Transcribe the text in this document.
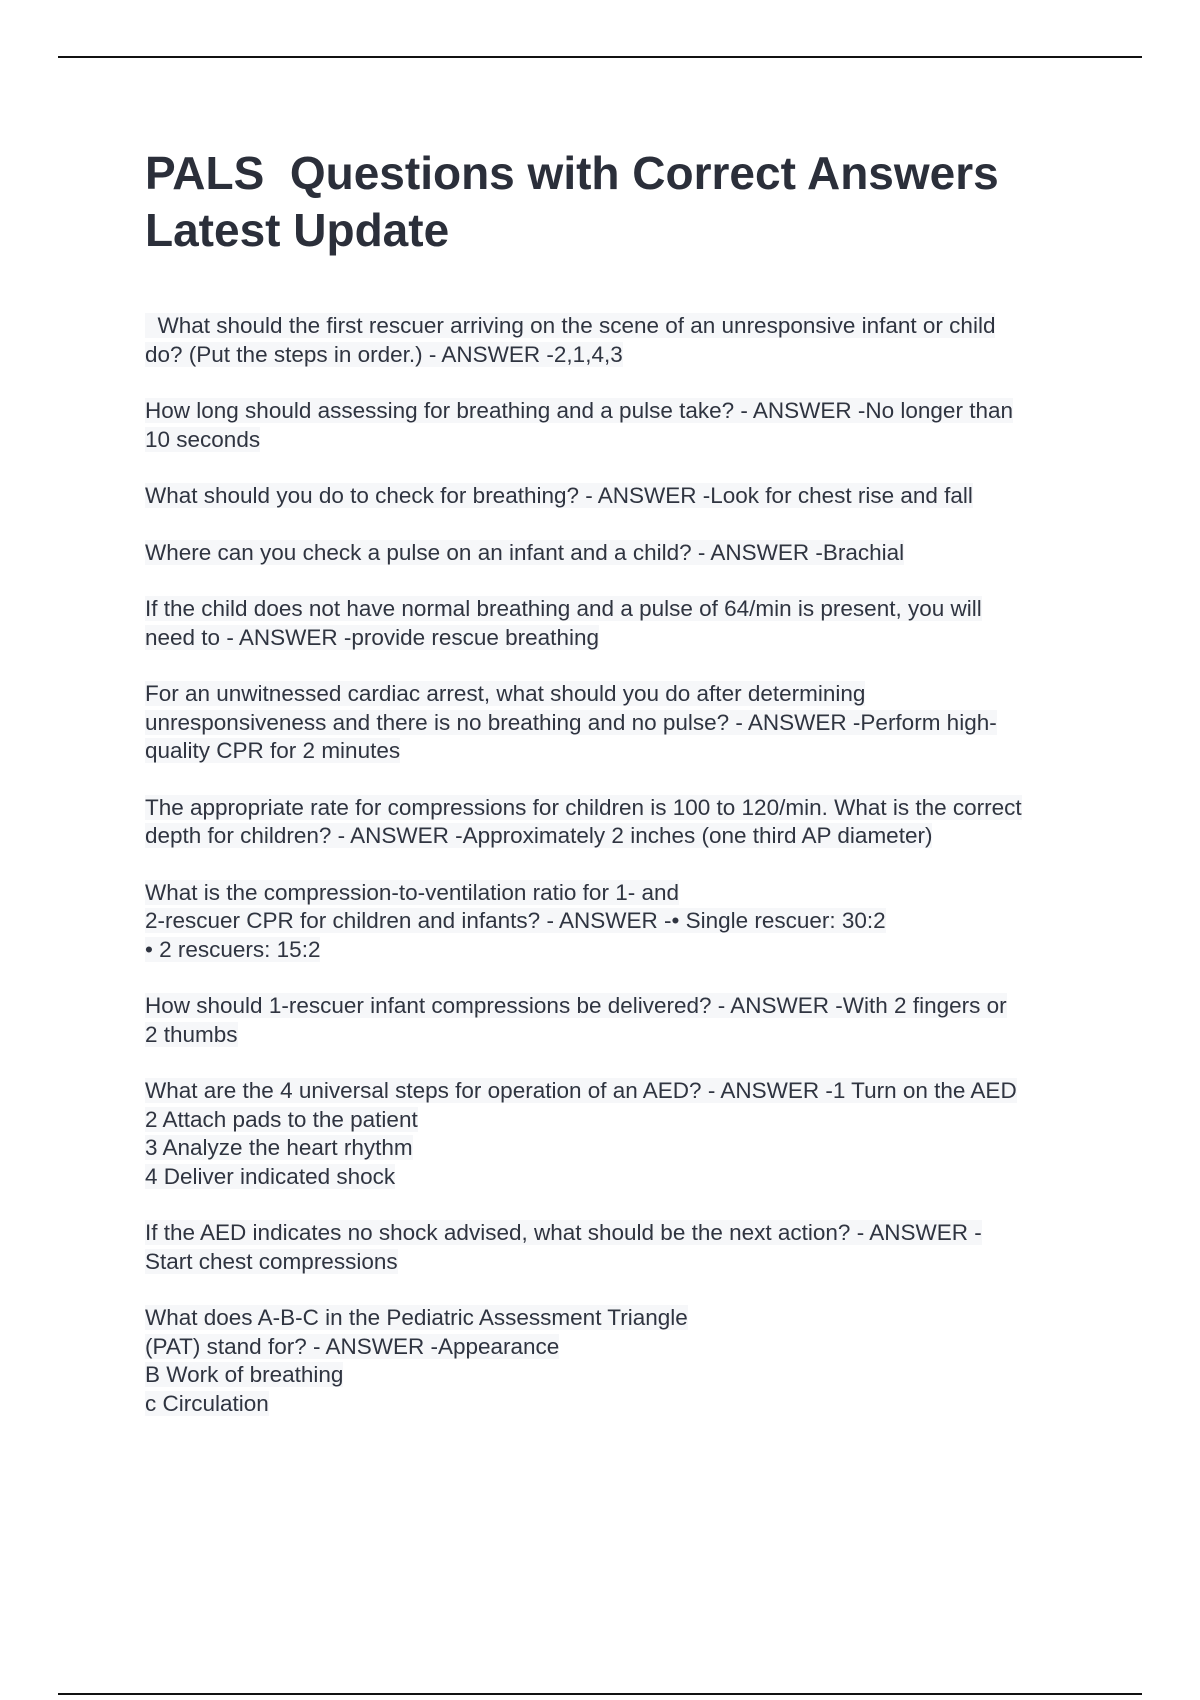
PALS  Questions with Correct Answers
Latest Update

What should the first rescuer arriving on the scene of an unresponsive infant or child
do? (Put the steps in order.) - ANSWER -2,1,4,3

How long should assessing for breathing and a pulse take? - ANSWER -No longer than
10 seconds

What should you do to check for breathing? - ANSWER -Look for chest rise and fall

Where can you check a pulse on an infant and a child? - ANSWER -Brachial

If the child does not have normal breathing and a pulse of 64/min is present, you will
need to - ANSWER -provide rescue breathing

For an unwitnessed cardiac arrest, what should you do after determining
unresponsiveness and there is no breathing and no pulse? - ANSWER -Perform high-
quality CPR for 2 minutes

The appropriate rate for compressions for children is 100 to 120/min. What is the correct
depth for children? - ANSWER -Approximately 2 inches (one third AP diameter)

What is the compression-to-ventilation ratio for 1- and
2-rescuer CPR for children and infants? - ANSWER -• Single rescuer: 30:2
• 2 rescuers: 15:2

How should 1-rescuer infant compressions be delivered? - ANSWER -With 2 fingers or
2 thumbs

What are the 4 universal steps for operation of an AED? - ANSWER -1 Turn on the AED
2 Attach pads to the patient
3 Analyze the heart rhythm
4 Deliver indicated shock

If the AED indicates no shock advised, what should be the next action? - ANSWER -
Start chest compressions

What does A-B-C in the Pediatric Assessment Triangle
(PAT) stand for? - ANSWER -Appearance
B Work of breathing
c Circulation
